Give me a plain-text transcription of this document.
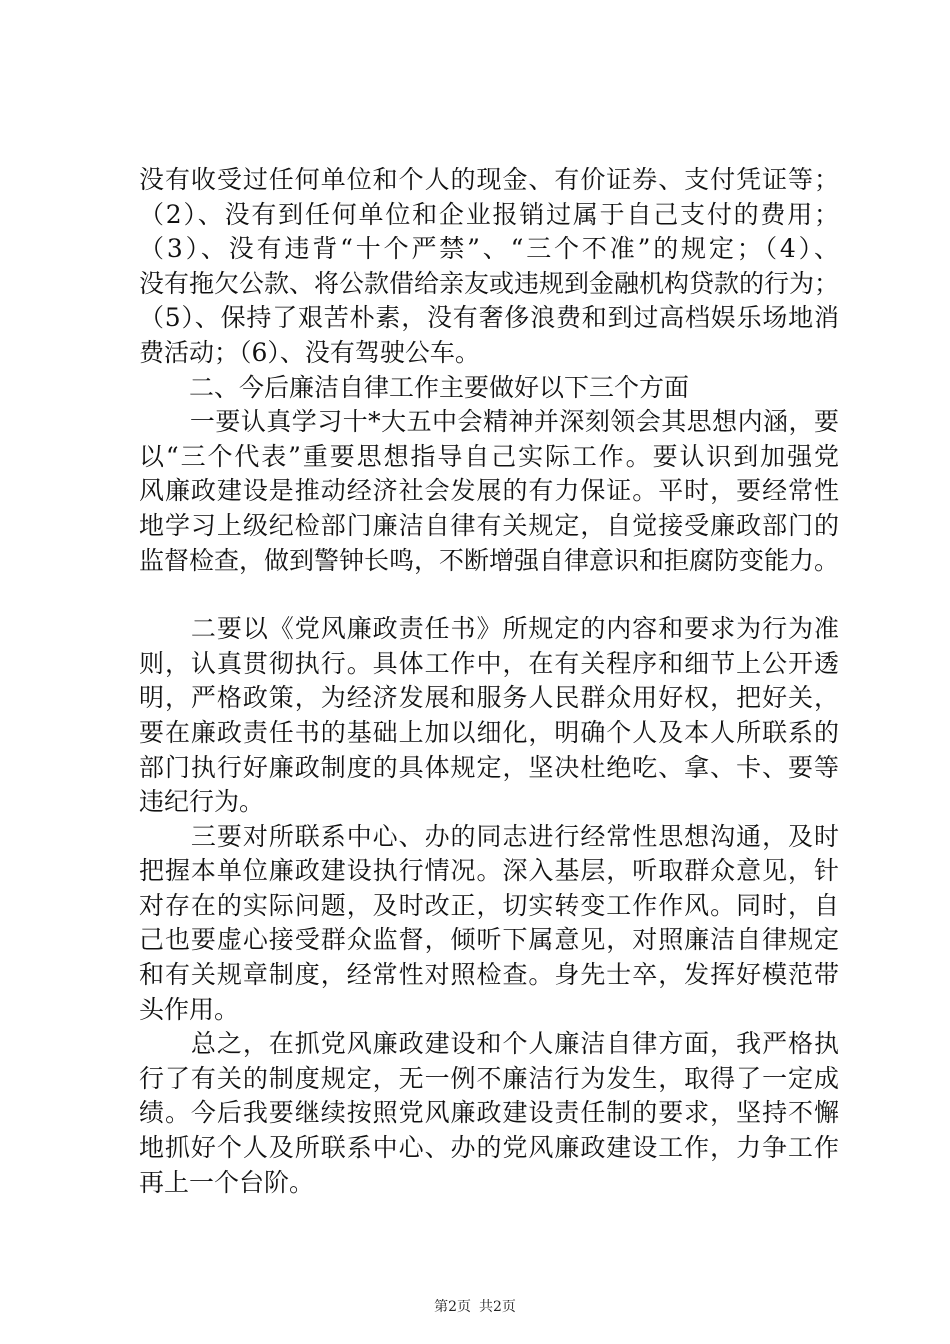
没有收受过任何单位和个人的现金、有价证券、支付凭证等；
（2）、没有到任何单位和企业报销过属于自己支付的费用；
（3）、没有违背“十个严禁”、“三个不准”的规定；（4）、
没有拖欠公款、将公款借给亲友或违规到金融机构贷款的行为；
（5）、保持了艰苦朴素，没有奢侈浪费和到过高档娱乐场地消
费活动；（6）、没有驾驶公车。
　　二、今后廉洁自律工作主要做好以下三个方面
　　一要认真学习十*大五中会精神并深刻领会其思想内涵，要
以“三个代表”重要思想指导自己实际工作。要认识到加强党
风廉政建设是推动经济社会发展的有力保证。平时，要经常性
地学习上级纪检部门廉洁自律有关规定，自觉接受廉政部门的
监督检查，做到警钟长鸣，不断增强自律意识和拒腐防变能力。
　　二要以《党风廉政责任书》所规定的内容和要求为行为准
则，认真贯彻执行。具体工作中，在有关程序和细节上公开透
明，严格政策，为经济发展和服务人民群众用好权，把好关，
要在廉政责任书的基础上加以细化，明确个人及本人所联系的
部门执行好廉政制度的具体规定，坚决杜绝吃、拿、卡、要等
违纪行为。
　　三要对所联系中心、办的同志进行经常性思想沟通，及时
把握本单位廉政建设执行情况。深入基层，听取群众意见，针
对存在的实际问题，及时改正，切实转变工作作风。同时，自
己也要虚心接受群众监督，倾听下属意见，对照廉洁自律规定
和有关规章制度，经常性对照检查。身先士卒，发挥好模范带
头作用。
　　总之，在抓党风廉政建设和个人廉洁自律方面，我严格执
行了有关的制度规定，无一例不廉洁行为发生，取得了一定成
绩。今后我要继续按照党风廉政建设责任制的要求，坚持不懈
地抓好个人及所联系中心、办的党风廉政建设工作，力争工作
再上一个台阶。
第2页 共2页
